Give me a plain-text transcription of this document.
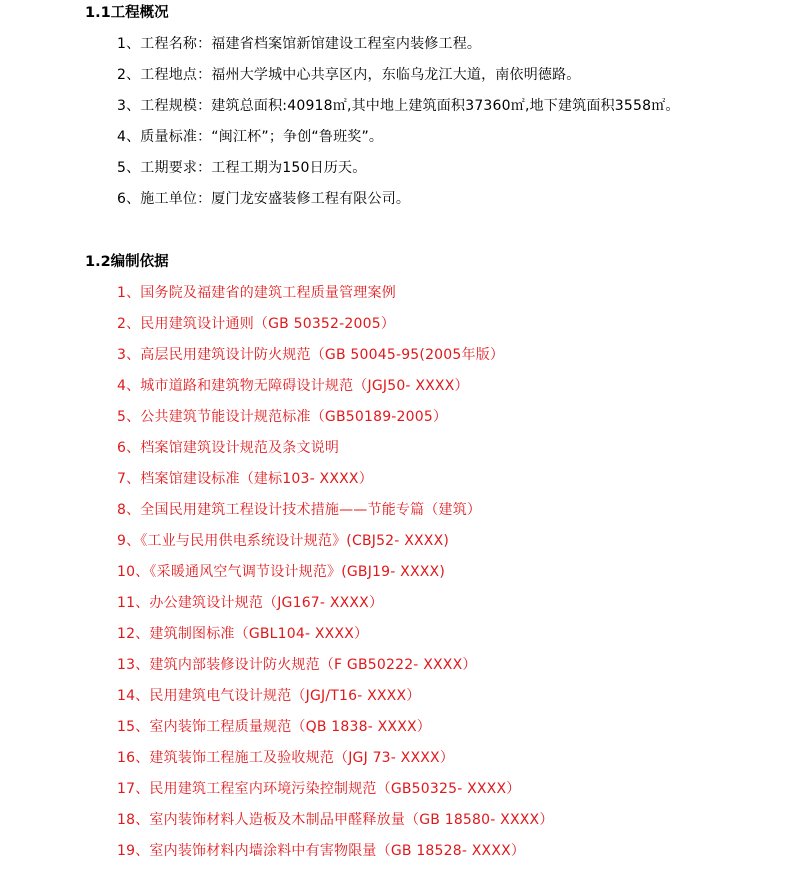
1.1工程概况
1、工程名称：福建省档案馆新馆建设工程室内装修工程。
2、工程地点：福州大学城中心共享区内，东临乌龙江大道，南依明德路。
3、工程规模：建筑总面积:40918㎡,其中地上建筑面积37360㎡,地下建筑面积3558㎡。
4、质量标准：“闽江杯”；争创“鲁班奖”。
5、工期要求：工程工期为150日历天。
6、施工单位：厦门龙安盛装修工程有限公司。
1.2编制依据
1、国务院及福建省的建筑工程质量管理案例
2、民用建筑设计通则（GB 50352-2005）
3、高层民用建筑设计防火规范（GB 50045-95(2005年版）
4、城市道路和建筑物无障碍设计规范（JGJ50- XXXX）
5、公共建筑节能设计规范标准（GB50189-2005）
6、档案馆建筑设计规范及条文说明
7、档案馆建设标准（建标103- XXXX）
8、全国民用建筑工程设计技术措施——节能专篇（建筑）
9、《工业与民用供电系统设计规范》(CBJ52- XXXX)
10、《采暖通风空气调节设计规范》(GBJ19- XXXX)
11、办公建筑设计规范（JG167- XXXX）
12、建筑制图标准（GBL104- XXXX）
13、建筑内部装修设计防火规范（F GB50222- XXXX）
14、民用建筑电气设计规范（JGJ/T16- XXXX）
15、室内装饰工程质量规范（QB 1838- XXXX）
16、建筑装饰工程施工及验收规范（JGJ 73- XXXX）
17、民用建筑工程室内环境污染控制规范（GB50325- XXXX）
18、室内装饰材料人造板及木制品甲醛释放量（GB 18580- XXXX）
19、室内装饰材料内墙涂料中有害物限量（GB 18528- XXXX）
